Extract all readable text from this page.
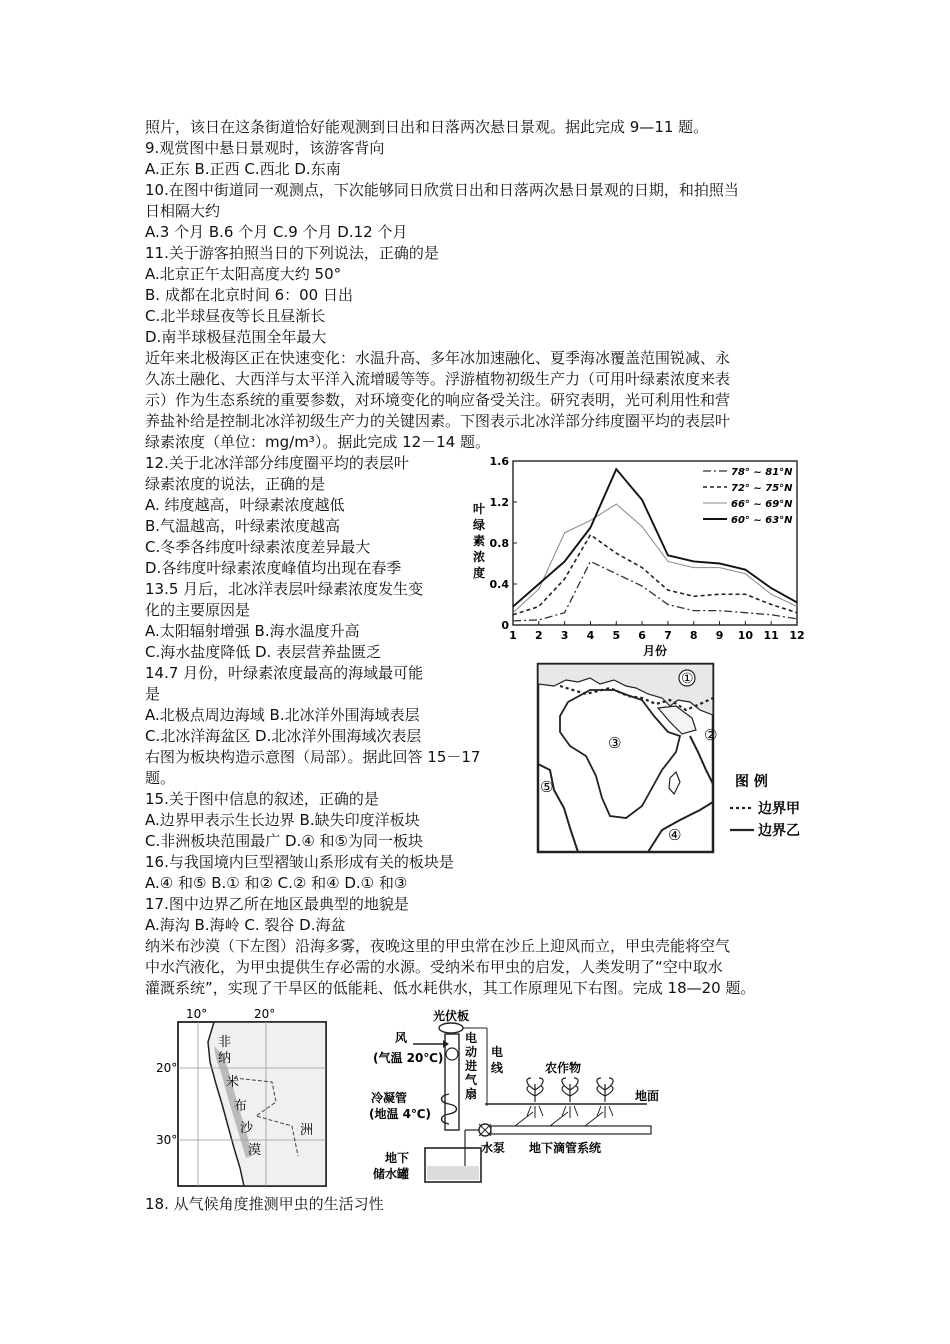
照片，该日在这条街道恰好能观测到日出和日落两次悬日景观。据此完成 9—11 题。
9.观赏图中悬日景观时，该游客背向
A.正东 B.正西 C.西北 D.东南
10.在图中街道同一观测点，下次能够同日欣赏日出和日落两次悬日景观的日期，和拍照当
日相隔大约
A.3 个月 B.6 个月 C.9 个月 D.12 个月
11.关于游客拍照当日的下列说法，正确的是
A.北京正午太阳高度大约 50°
B. 成都在北京时间 6：00 日出
C.北半球昼夜等长且昼渐长
D.南半球极昼范围全年最大
近年来北极海区正在快速变化：水温升高、多年冰加速融化、夏季海冰覆盖范围锐减、永
久冻土融化、大西洋与太平洋入流增暖等等。浮游植物初级生产力（可用叶绿素浓度来表
示）作为生态系统的重要参数，对环境变化的响应备受关注。研究表明，光可利用性和营
养盐补给是控制北冰洋初级生产力的关键因素。下图表示北冰洋部分纬度圈平均的表层叶
绿素浓度（单位：mg/m³）。据此完成 12－14 题。
12.关于北冰洋部分纬度圈平均的表层叶
绿素浓度的说法，正确的是
A. 纬度越高，叶绿素浓度越低
B.气温越高，叶绿素浓度越高
C.冬季各纬度叶绿素浓度差异最大
D.各纬度叶绿素浓度峰值均出现在春季
13.5 月后，北冰洋表层叶绿素浓度发生变
化的主要原因是
A.太阳辐射增强 B.海水温度升高
C.海水盐度降低 D. 表层营养盐匮乏
14.7 月份，叶绿素浓度最高的海域最可能
是
A.北极点周边海域 B.北冰洋外围海域表层
C.北冰洋海盆区 D.北冰洋外围海域次表层
右图为板块构造示意图（局部）。据此回答 15－17
题。
15.关于图中信息的叙述，正确的是
A.边界甲表示生长边界 B.缺失印度洋板块
C.非洲板块范围最广 D.④ 和⑤为同一板块
16.与我国境内巨型褶皱山系形成有关的板块是
A.④ 和⑤ B.① 和② C.② 和④ D.① 和③
17.图中边界乙所在地区最典型的地貌是
A.海沟 B.海岭 C. 裂谷 D.海盆
纳米布沙漠（下左图）沿海多雾，夜晚这里的甲虫常在沙丘上迎风而立，甲虫壳能将空气
中水汽液化，为甲虫提供生存必需的水源。受纳米布甲虫的启发，人类发明了“空中取水
灌溉系统”，实现了干旱区的低能耗、低水耗供水，其工作原理见下右图。完成 18—20 题。
18. 从气候角度推测甲虫的生活习性
0
0.4
0.8
1.2
1.6
1 2 3 4 5 6 7 8 9 10 11 12
月份
叶
绿
素
浓
度
78° ~ 81°N
72° ~ 75°N
66° ~ 69°N
60° ~ 63°N
①
②
③
④
⑤	图 例
边界甲
边界乙
10°	20°
20°
30°
非
洲
纳
米
布
沙
漠
光伏板
风
(气温 20℃)
电
动
进
气
扇
电
线
地面
农作物
冷凝管
(地温 4℃)
水泵 地下滴管系统
地下
储水罐
